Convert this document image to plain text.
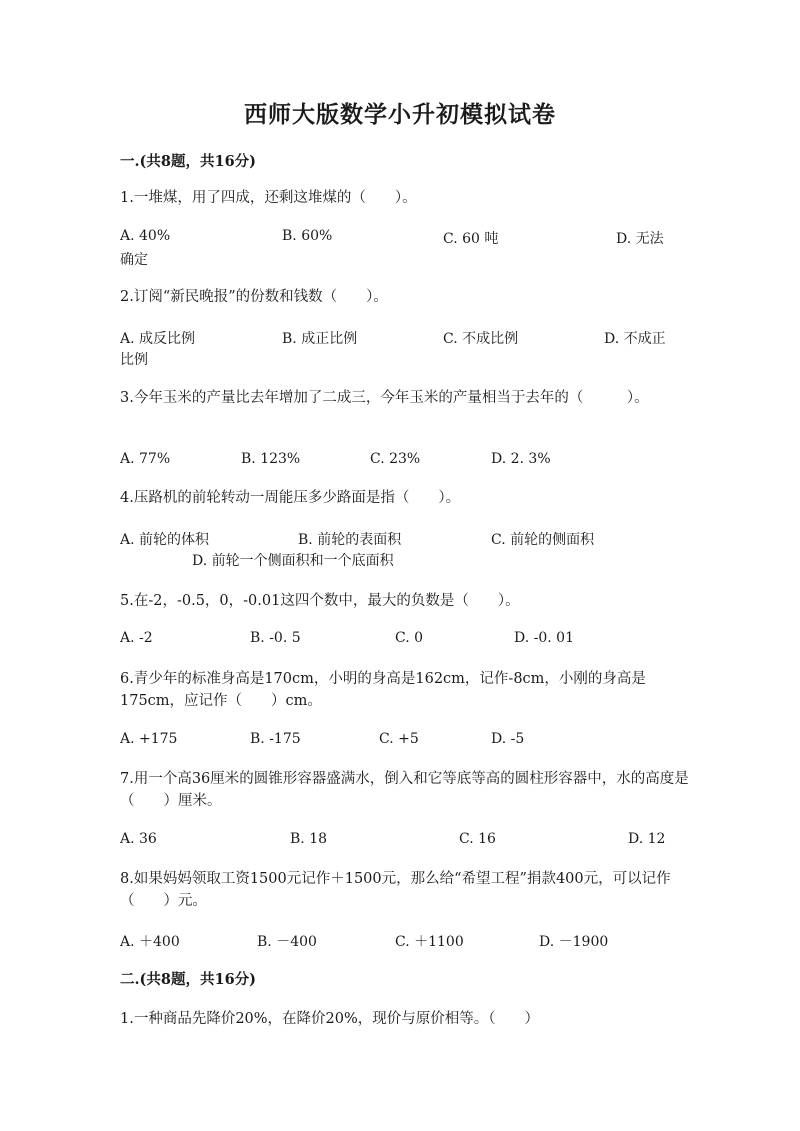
西师大版数学小升初模拟试卷
一.(共8题，共16分)
1.一堆煤，用了四成，还剩这堆煤的（　　）。
A. 40%	B. 60%	C. 60 吨	D. 无法
确定
2.订阅“新民晚报”的份数和钱数（　　）。
A. 成反比例	B. 成正比例	C. 不成比例	D. 不成正
比例
3.今年玉米的产量比去年增加了二成三，今年玉米的产量相当于去年的（　　　）。
A. 77%	B. 123%	C. 23%	D. 2. 3%
4.压路机的前轮转动一周能压多少路面是指（　　）。
A. 前轮的体积	B. 前轮的表面积	C. 前轮的侧面积
D. 前轮一个侧面积和一个底面积
5.在-2，-0.5，0，-0.01这四个数中，最大的负数是（　　）。
A. -2	B. -0. 5	C. 0	D. -0. 01
6.青少年的标准身高是170cm，小明的身高是162cm，记作-8cm，小刚的身高是175cm，应记作（　　）cm。
A. +175	B. -175	C. +5	D. -5
7.用一个高36厘米的圆锥形容器盛满水，倒入和它等底等高的圆柱形容器中，水的高度是（　　）厘米。
A. 36	B. 18	C. 16	D. 12
8.如果妈妈领取工资1500元记作＋1500元，那么给“希望工程”捐款400元，可以记作（　　）元。
A. ＋400	B. －400	C. ＋1100	D. －1900
二.(共8题，共16分)
1.一种商品先降价20%，在降价20%，现价与原价相等。（　　）
